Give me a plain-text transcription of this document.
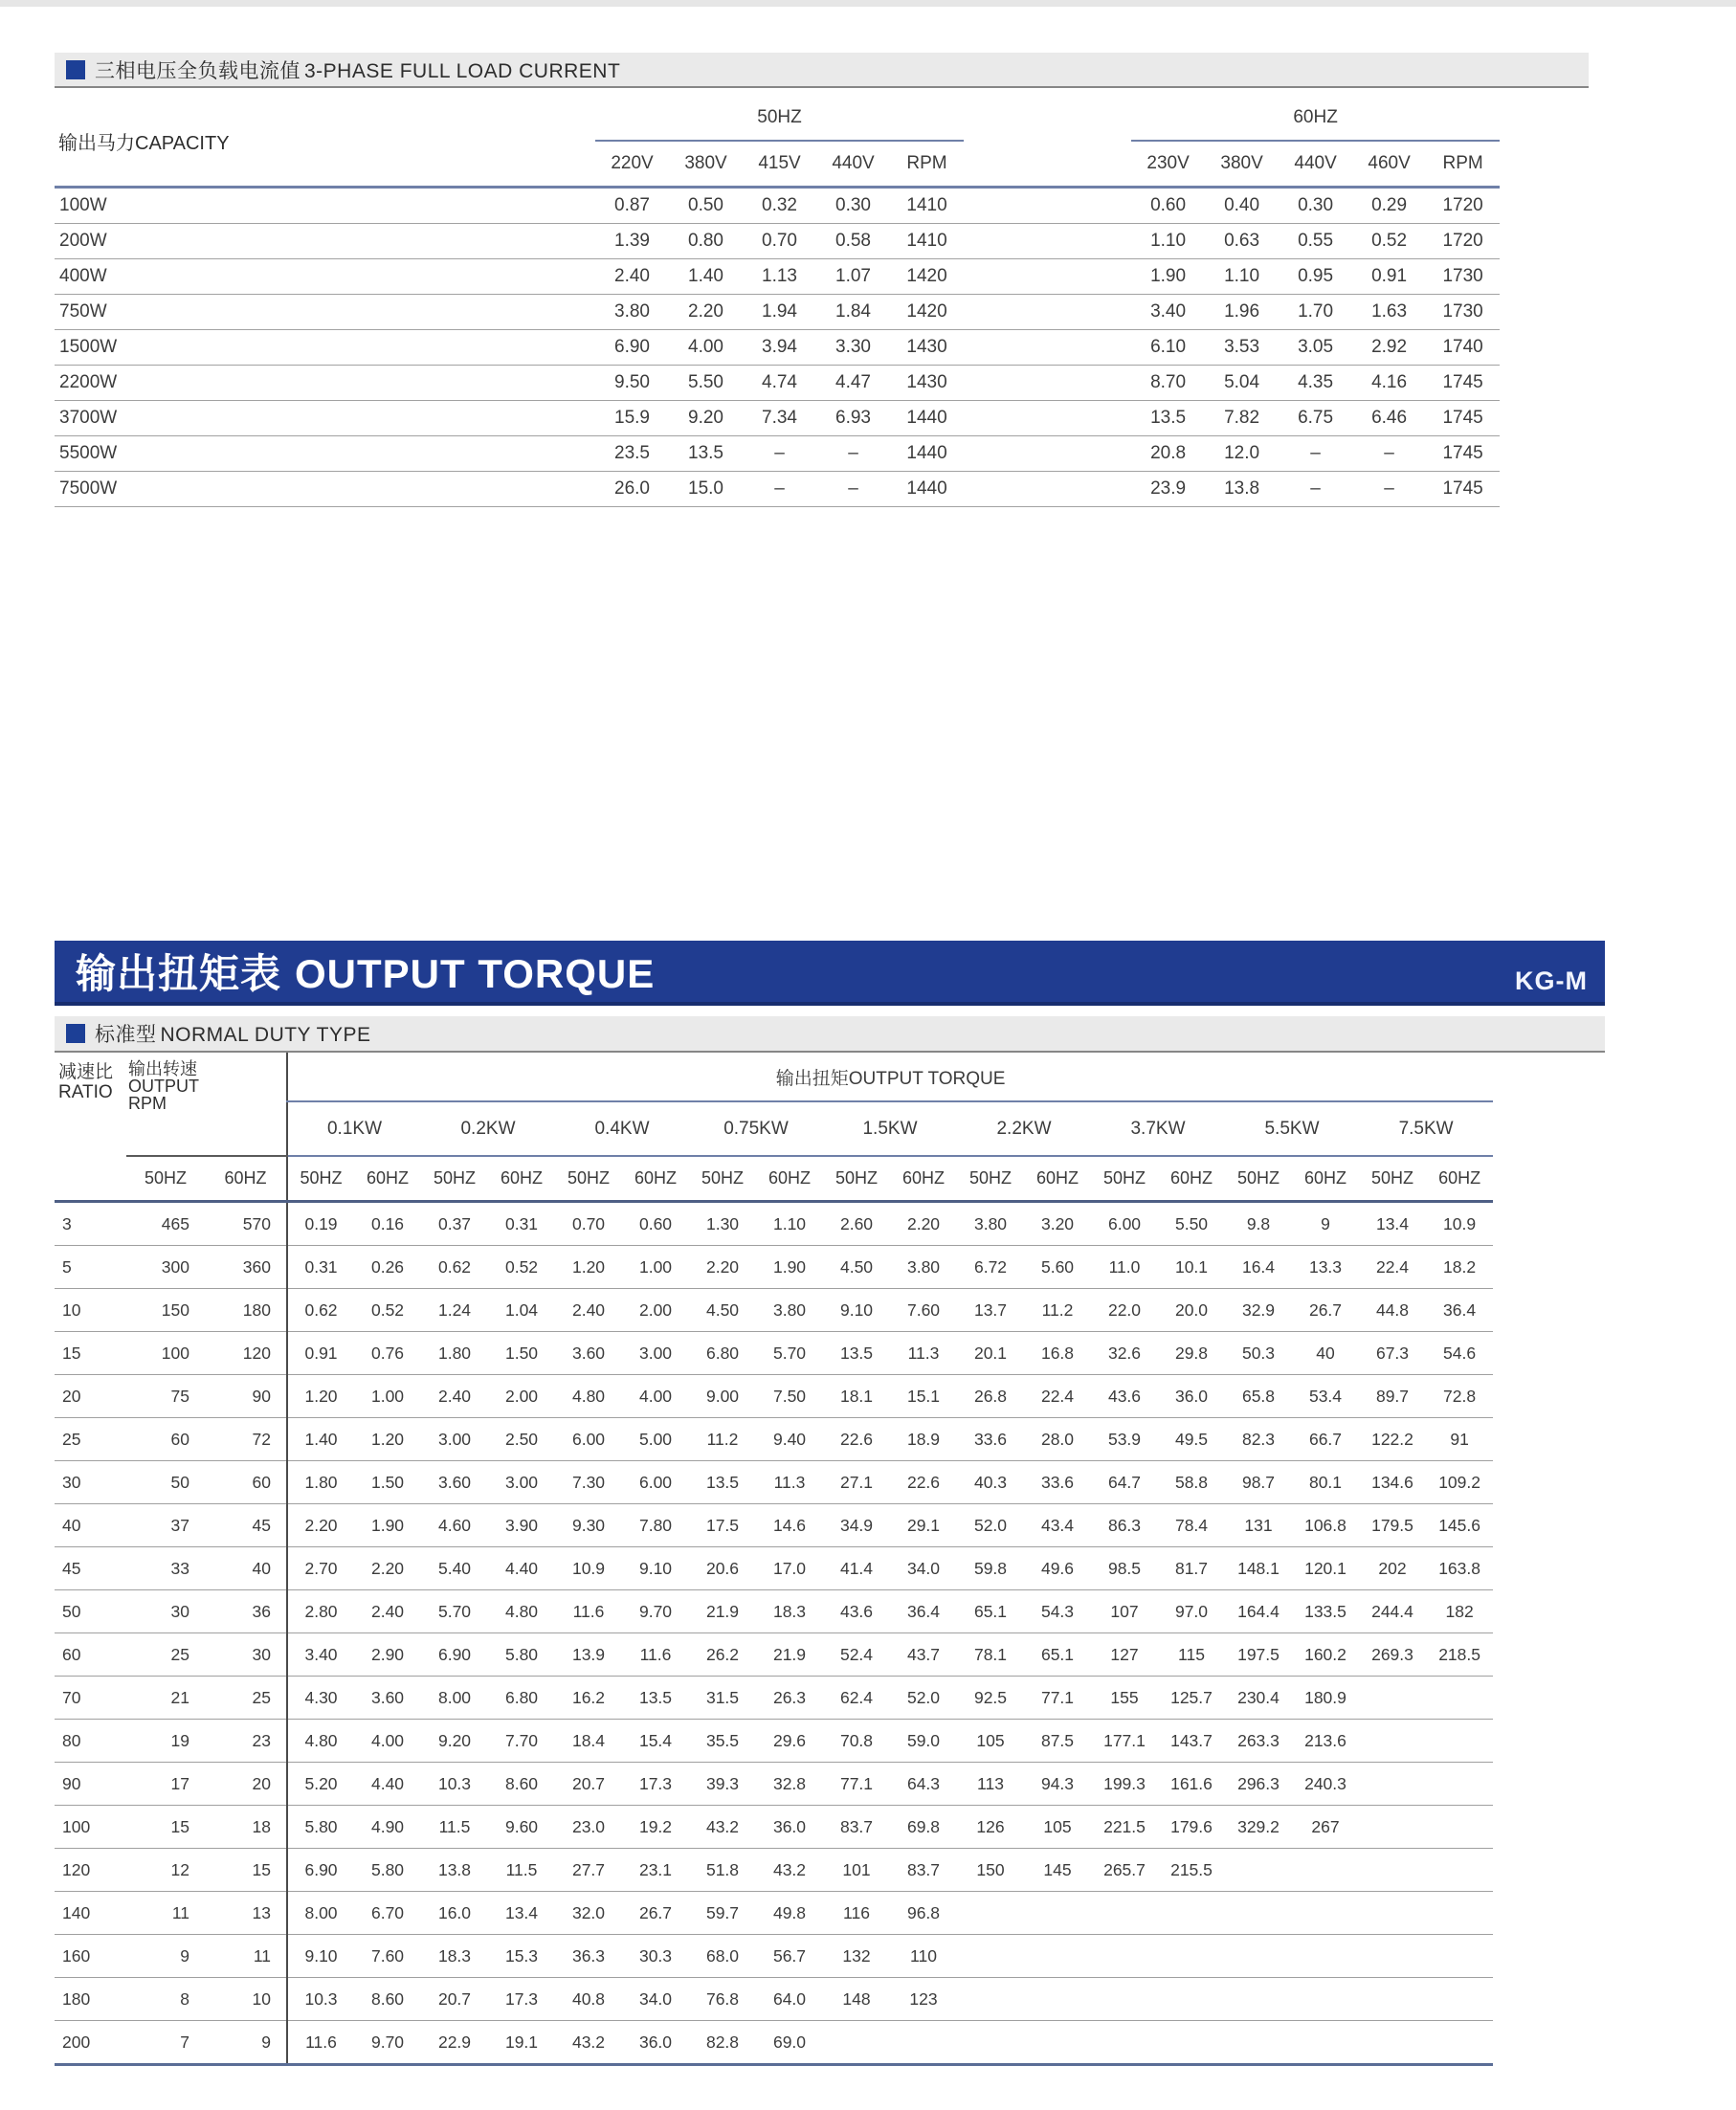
三相电压全负载电流值 3-PHASE FULL LOAD CURRENT
输出马力CAPACITY	50HZ						60HZ				
	220V	380V	415V	440V	RPM		230V	380V	440V	460V	RPM
100W	0.87	0.50	0.32	0.30	1410		0.60	0.40	0.30	0.29	1720
200W	1.39	0.80	0.70	0.58	1410		1.10	0.63	0.55	0.52	1720
400W	2.40	1.40	1.13	1.07	1420		1.90	1.10	0.95	0.91	1730
750W	3.80	2.20	1.94	1.84	1420		3.40	1.96	1.70	1.63	1730
1500W	6.90	4.00	3.94	3.30	1430		6.10	3.53	3.05	2.92	1740
2200W	9.50	5.50	4.74	4.47	1430		8.70	5.04	4.35	4.16	1745
3700W	15.9	9.20	7.34	6.93	1440		13.5	7.82	6.75	6.46	1745
5500W	23.5	13.5	–	–	1440		20.8	12.0	–	–	1745
7500W	26.0	15.0	–	–	1440		23.9	13.8	–	–	1745
输出扭矩表 OUTPUT TORQUE	KG-M
标准型 NORMAL DUTY TYPE
减速比
RATIO

输出转速
OUTPUT
RPM
	输出扭矩OUTPUT TORQUE
			0.1KW		0.2KW		0.4KW		0.75KW		1.5KW		2.2KW		3.7KW		5.5KW		7.5KW	
	50HZ	60HZ	50HZ	60HZ	50HZ	60HZ	50HZ	60HZ	50HZ	60HZ	50HZ	60HZ	50HZ	60HZ	50HZ	60HZ	50HZ	60HZ	50HZ	60HZ
3	465	570	0.19	0.16	0.37	0.31	0.70	0.60	1.30	1.10	2.60	2.20	3.80	3.20	6.00	5.50	9.8	9	13.4	10.9
5	300	360	0.31	0.26	0.62	0.52	1.20	1.00	2.20	1.90	4.50	3.80	6.72	5.60	11.0	10.1	16.4	13.3	22.4	18.2
10	150	180	0.62	0.52	1.24	1.04	2.40	2.00	4.50	3.80	9.10	7.60	13.7	11.2	22.0	20.0	32.9	26.7	44.8	36.4
15	100	120	0.91	0.76	1.80	1.50	3.60	3.00	6.80	5.70	13.5	11.3	20.1	16.8	32.6	29.8	50.3	40	67.3	54.6
20	75	90	1.20	1.00	2.40	2.00	4.80	4.00	9.00	7.50	18.1	15.1	26.8	22.4	43.6	36.0	65.8	53.4	89.7	72.8
25	60	72	1.40	1.20	3.00	2.50	6.00	5.00	11.2	9.40	22.6	18.9	33.6	28.0	53.9	49.5	82.3	66.7	122.2	91
30	50	60	1.80	1.50	3.60	3.00	7.30	6.00	13.5	11.3	27.1	22.6	40.3	33.6	64.7	58.8	98.7	80.1	134.6	109.2
40	37	45	2.20	1.90	4.60	3.90	9.30	7.80	17.5	14.6	34.9	29.1	52.0	43.4	86.3	78.4	131	106.8	179.5	145.6
45	33	40	2.70	2.20	5.40	4.40	10.9	9.10	20.6	17.0	41.4	34.0	59.8	49.6	98.5	81.7	148.1	120.1	202	163.8
50	30	36	2.80	2.40	5.70	4.80	11.6	9.70	21.9	18.3	43.6	36.4	65.1	54.3	107	97.0	164.4	133.5	244.4	182
60	25	30	3.40	2.90	6.90	5.80	13.9	11.6	26.2	21.9	52.4	43.7	78.1	65.1	127	115	197.5	160.2	269.3	218.5
70	21	25	4.30	3.60	8.00	6.80	16.2	13.5	31.5	26.3	62.4	52.0	92.5	77.1	155	125.7	230.4	180.9		
80	19	23	4.80	4.00	9.20	7.70	18.4	15.4	35.5	29.6	70.8	59.0	105	87.5	177.1	143.7	263.3	213.6		
90	17	20	5.20	4.40	10.3	8.60	20.7	17.3	39.3	32.8	77.1	64.3	113	94.3	199.3	161.6	296.3	240.3		
100	15	18	5.80	4.90	11.5	9.60	23.0	19.2	43.2	36.0	83.7	69.8	126	105	221.5	179.6	329.2	267		
120	12	15	6.90	5.80	13.8	11.5	27.7	23.1	51.8	43.2	101	83.7	150	145	265.7	215.5				
140	11	13	8.00	6.70	16.0	13.4	32.0	26.7	59.7	49.8	116	96.8								
160	9	11	9.10	7.60	18.3	15.3	36.3	30.3	68.0	56.7	132	110								
180	8	10	10.3	8.60	20.7	17.3	40.8	34.0	76.8	64.0	148	123								
200	7	9	11.6	9.70	22.9	19.1	43.2	36.0	82.8	69.0										
